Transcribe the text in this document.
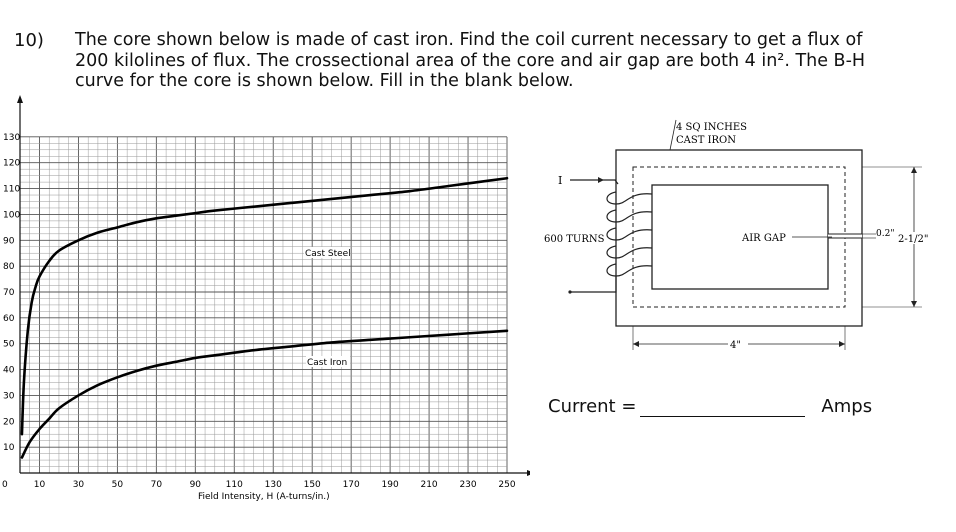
10) The core shown below is made of cast iron. Find the coil current necessary to get a flux of
200 kilolines of flux. The crossectional area of the core and air gap are both 4 in². The B-H
curve for the core is shown below. Fill in the blank below.
0	10	30	50	70	90	110 130 150 170 190 210 230 250
10
20
30
40
50
60
70
80
90
100
110
120
130
Cast Steel
Cast Iron
Field Intensity, H (A-turns/in.)
I
600 TURNS
4 SQ INCHES
CAST IRON
AIR GAP	0.2" 2-1/2"
4"
Current =	Amps
